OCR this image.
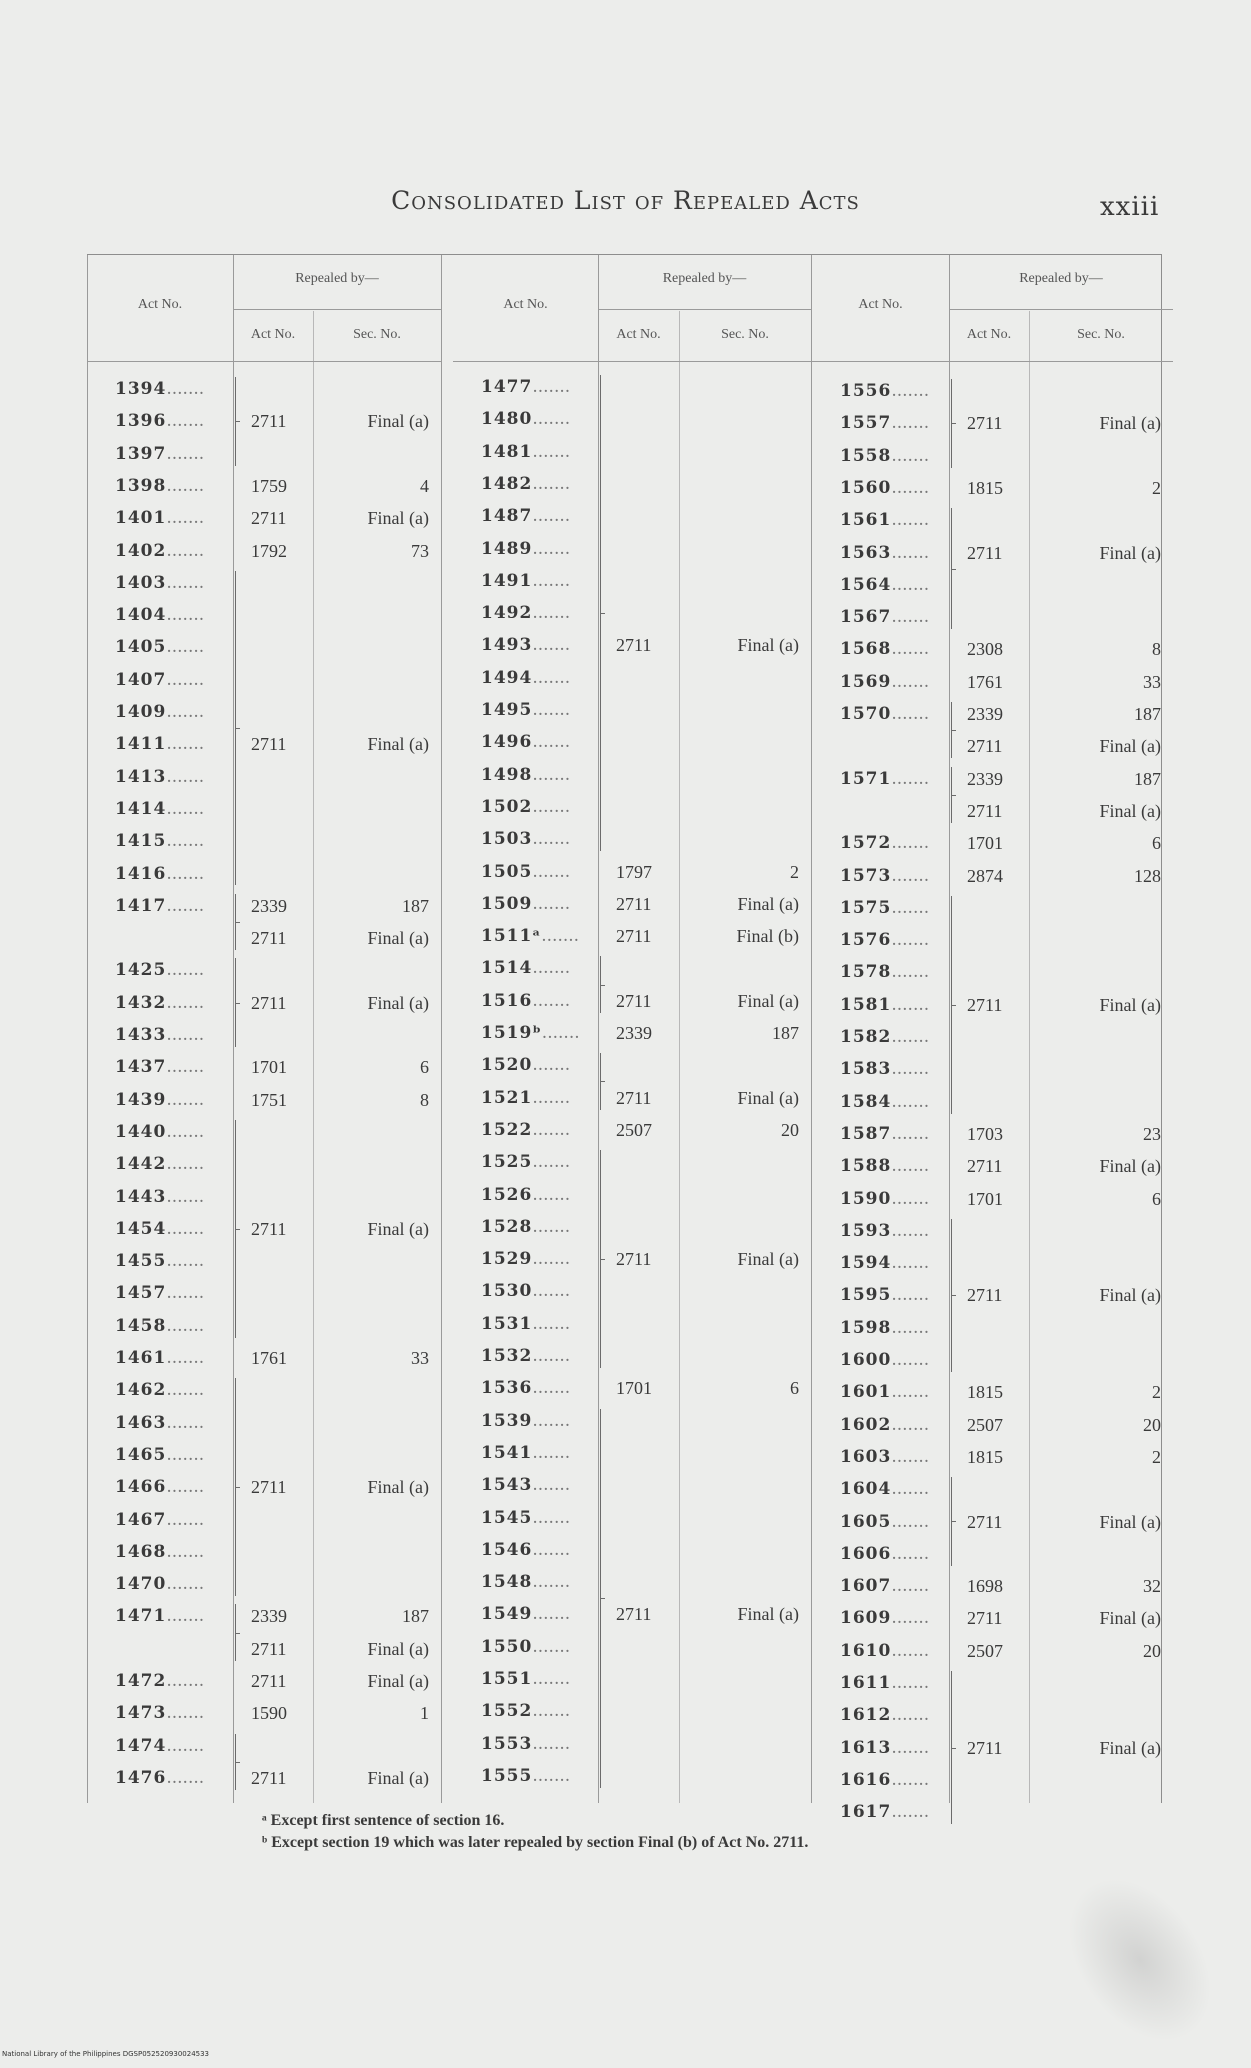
Consolidated List of Repealed Acts	xxiii
Act No.
Repealed by—
Act No.	Sec. No.
1394.......
1396.......	2711	Final (a)
1397.......
1398.......	1759	4
1401.......	2711	Final (a)
1402.......	1792	73
1403.......
1404.......
1405.......
1407.......
1409.......
1411.......	2711	Final (a)
1413.......
1414.......
1415.......
1416.......
1417.......	2339	187
2711	Final (a)
1425.......
1432.......	2711	Final (a)
1433.......
1437.......	1701	6
1439.......	1751	8
1440.......
1442.......
1443.......
1454.......	2711	Final (a)
1455.......
1457.......
1458.......
1461.......	1761	33
1462.......
1463.......
1465.......
1466.......	2711	Final (a)
1467.......
1468.......
1470.......
1471.......	2339	187
2711	Final (a)
1472.......	2711	Final (a)
1473.......	1590	1
1474.......
1476.......	2711	Final (a)
Act No.
Repealed by—
Act No.	Sec. No.
1477.......
1480.......
1481.......
1482.......
1487.......
1489.......
1491.......
1492.......
1493.......	2711	Final (a)
1494.......
1495.......
1496.......
1498.......
1502.......
1503.......
1505.......	1797	2
1509.......	2711	Final (a)
1511ᵃ....... 2711	Final (b)
1514.......
1516.......	2711	Final (a)
1519ᵇ....... 2339	187
1520.......
1521.......	2711	Final (a)
1522.......	2507	20
1525.......
1526.......
1528.......
1529.......	2711	Final (a)
1530.......
1531.......
1532.......
1536.......	1701	6
1539.......
1541.......
1543.......
1545.......
1546.......
1548.......
1549.......	2711	Final (a)
1550.......
1551.......
1552.......
1553.......
1555.......
Act No.
Repealed by—
Act No.	Sec. No.
1556.......
1557....... 2711	Final (a)
1558.......
1560....... 1815	2
1561.......
1563....... 2711	Final (a)
1564.......
1567.......
1568....... 2308	8
1569....... 1761	33
1570....... 2339	187
2711	Final (a)
1571....... 2339	187
2711	Final (a)
1572....... 1701	6
1573....... 2874	128
1575.......
1576.......
1578.......
1581....... 2711	Final (a)
1582.......
1583.......
1584.......
1587....... 1703	23
1588....... 2711	Final (a)
1590....... 1701	6
1593.......
1594.......
1595....... 2711	Final (a)
1598.......
1600.......
1601....... 1815	2
1602....... 2507	20
1603....... 1815	2
1604.......
1605....... 2711	Final (a)
1606.......
1607....... 1698	32
1609....... 2711	Final (a)
1610....... 2507	20
1611.......
1612.......
1613....... 2711	Final (a)
1616.......
1617.......
ᵃ Except first sentence of section 16.
ᵇ Except section 19 which was later repealed by section Final (b) of Act No. 2711.
National Library of the Philippines DGSP052520930024533
